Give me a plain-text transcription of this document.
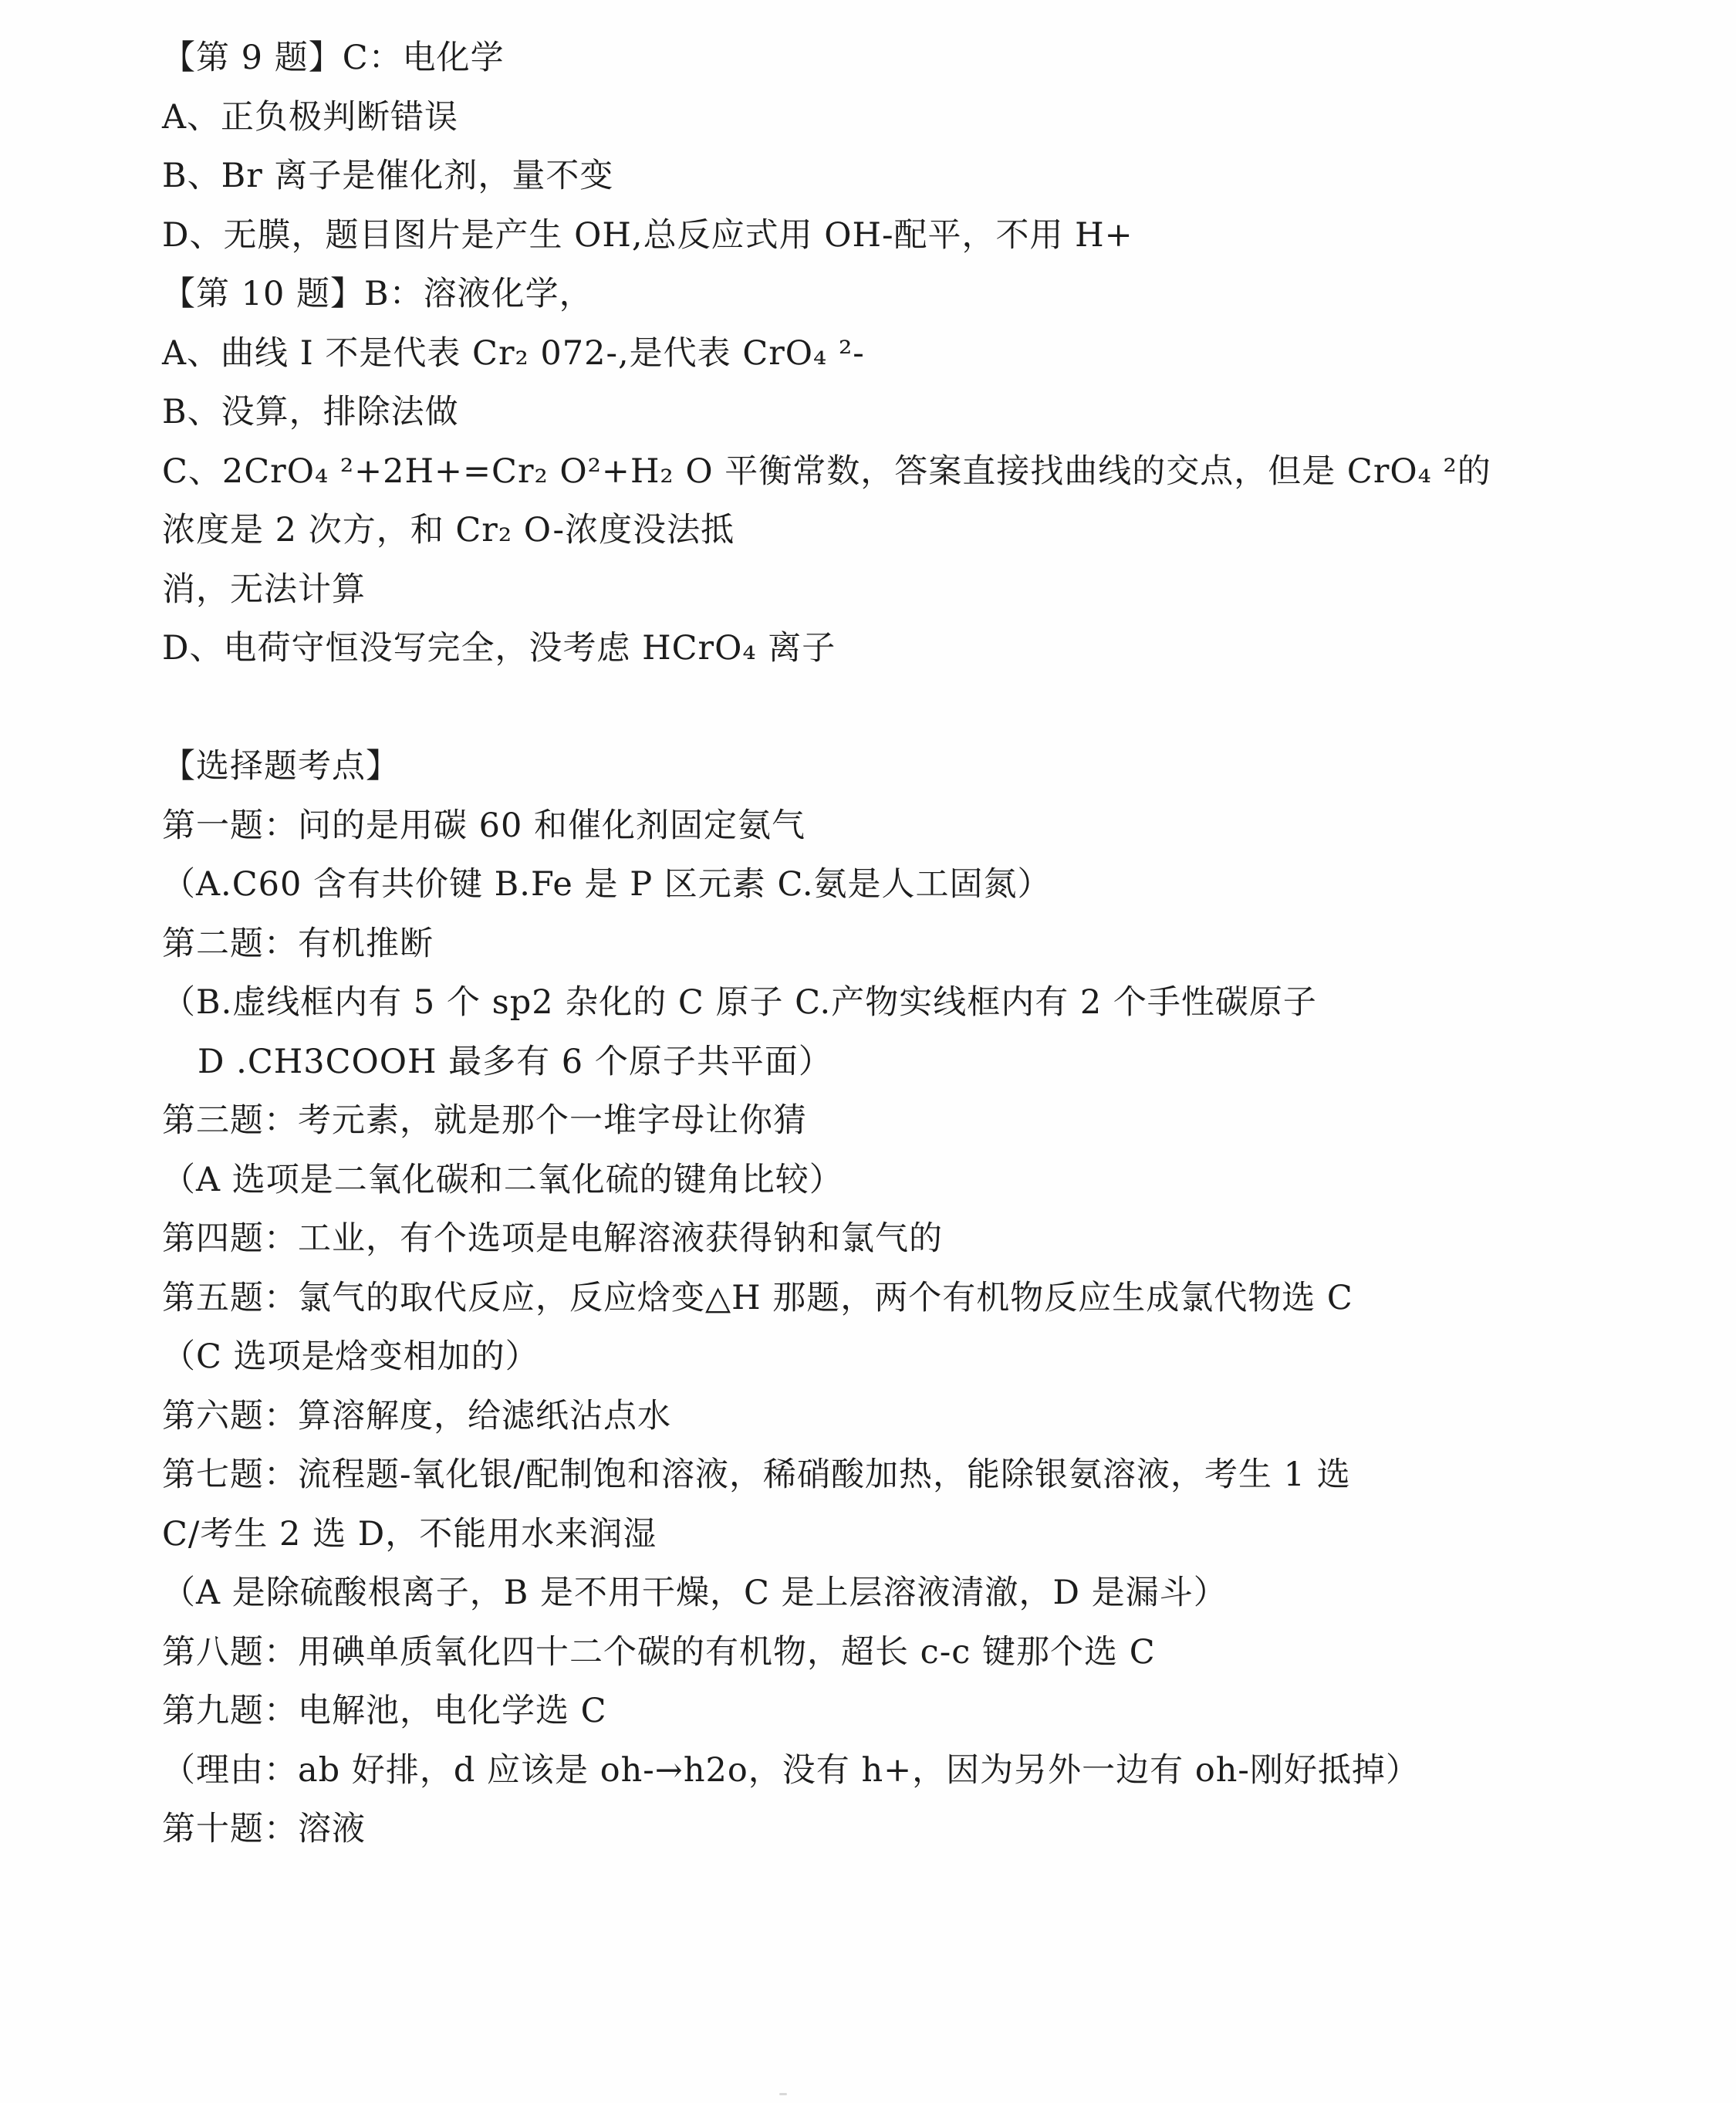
【第 9 题】C：电化学
A、正负极判断错误
B、Br 离子是催化剂，量不变
D、无膜，题目图片是产生 OH,总反应式用 OH-配平，不用 H+
【第 10 题】B：溶液化学，
A、曲线 I 不是代表 Cr₂ 072-,是代表 CrO₄ ²-
B、没算，排除法做
C、2CrO₄ ²+2H+=Cr₂ O²+H₂ O 平衡常数，答案直接找曲线的交点，但是 CrO₄ ²的
浓度是 2 次方，和 Cr₂ O-浓度没法抵
消，无法计算
D、电荷守恒没写完全，没考虑 HCrO₄ 离子
【选择题考点】
第一题：问的是用碳 60 和催化剂固定氨气
（A.C60 含有共价键 B.Fe 是 P 区元素 C.氨是人工固氮）
第二题：有机推断
（B.虚线框内有 5 个 sp2 杂化的 C 原子 C.产物实线框内有 2 个手性碳原子
D .CH3COOH 最多有 6 个原子共平面）
第三题：考元素，就是那个一堆字母让你猜
（A 选项是二氧化碳和二氧化硫的键角比较）
第四题：工业，有个选项是电解溶液获得钠和氯气的
第五题：氯气的取代反应，反应焓变△H 那题，两个有机物反应生成氯代物选 C
（C 选项是焓变相加的）
第六题：算溶解度，给滤纸沾点水
第七题：流程题-氧化银/配制饱和溶液，稀硝酸加热，能除银氨溶液，考生 1 选
C/考生 2 选 D，不能用水来润湿
（A 是除硫酸根离子，B 是不用干燥，C 是上层溶液清澈，D 是漏斗）
第八题：用碘单质氧化四十二个碳的有机物，超长 c-c 键那个选 C
第九题：电解池，电化学选 C
（理由：ab 好排，d 应该是 oh-→h2o，没有 h+，因为另外一边有 oh-刚好抵掉）
第十题：溶液
